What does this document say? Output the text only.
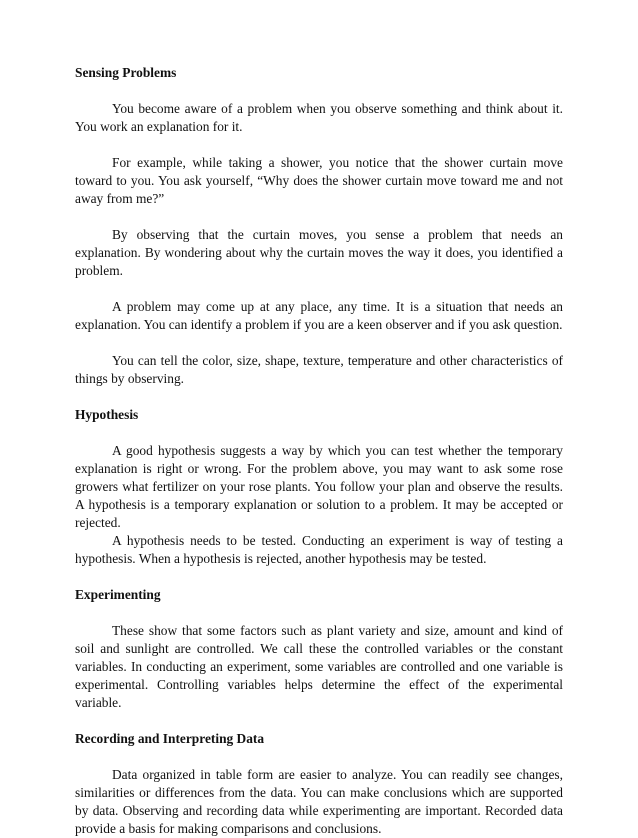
Sensing Problems

You become aware of a problem when you observe something and think about it. You work an explanation for it.

For example, while taking a shower, you notice that the shower curtain move toward to you. You ask yourself, “Why does the shower curtain move toward me and not away from me?”

By observing that the curtain moves, you sense a problem that needs an explanation. By wondering about why the curtain moves the way it does, you identified a problem.

A problem may come up at any place, any time. It is a situation that needs an explanation. You can identify a problem if you are a keen observer and if you ask question.

You can tell the color, size, shape, texture, temperature and other characteristics of things by observing.

Hypothesis

A good hypothesis suggests a way by which you can test whether the temporary explanation is right or wrong. For the problem above, you may want to ask some rose growers what fertilizer on your rose plants. You follow your plan and observe the results. A hypothesis is a temporary explanation or solution to a problem. It may be accepted or rejected.

A hypothesis needs to be tested. Conducting an experiment is way of testing a hypothesis. When a hypothesis is rejected, another hypothesis may be tested.

Experimenting

These show that some factors such as plant variety and size, amount and kind of soil and sunlight are controlled. We call these the controlled variables or the constant variables. In conducting an experiment, some variables are controlled and one variable is experimental. Controlling variables helps determine the effect of the experimental variable.

Recording and Interpreting Data

Data organized in table form are easier to analyze. You can readily see changes, similarities or differences from the data. You can make conclusions which are supported by data. Observing and recording data while experimenting are important. Recorded data provide a basis for making comparisons and conclusions.
